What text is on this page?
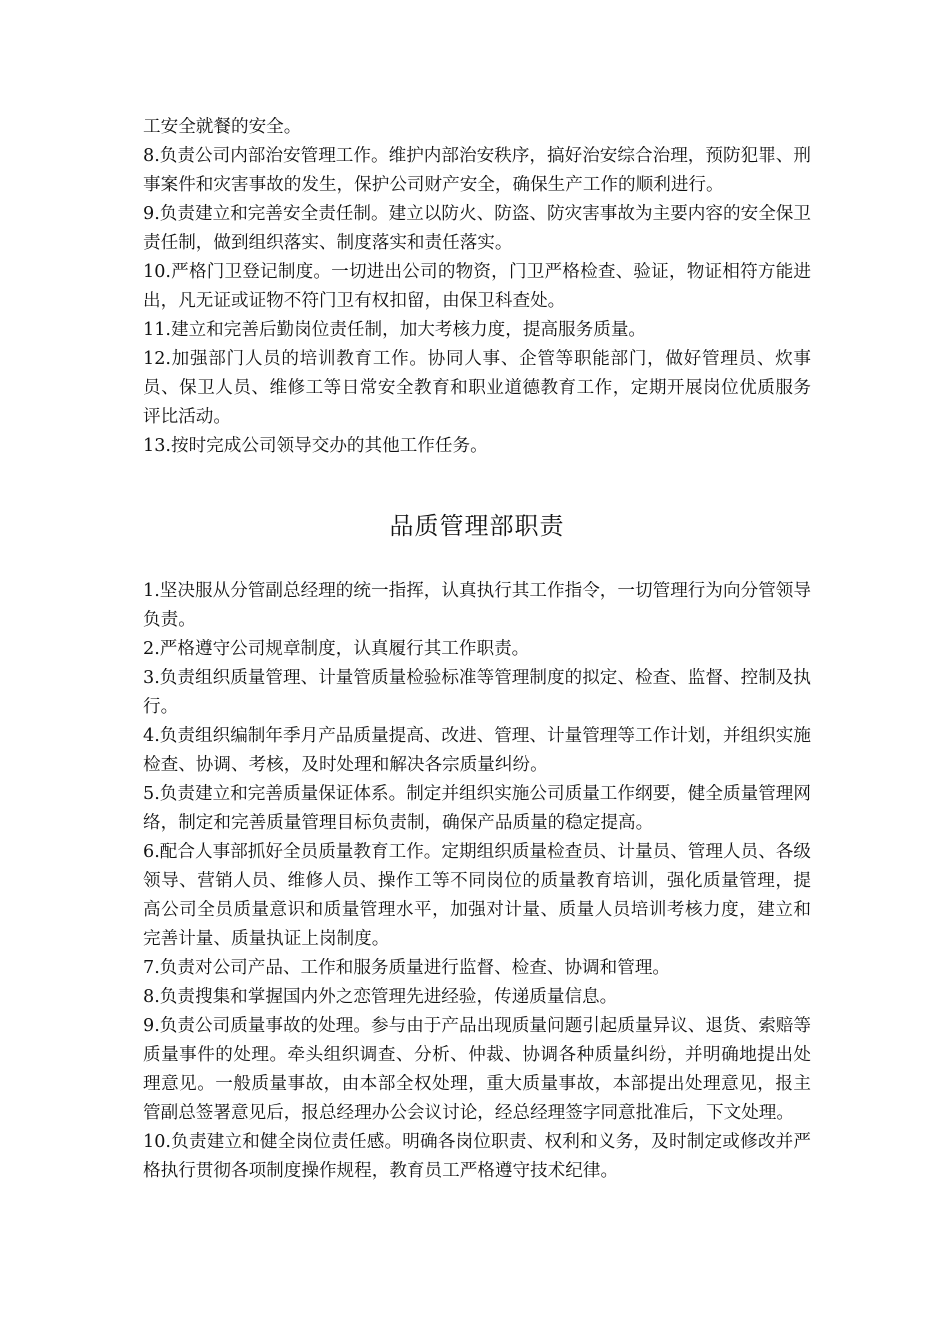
工安全就餐的安全。

8.负责公司内部治安管理工作。维护内部治安秩序，搞好治安综合治理，预防犯罪、刑事案件和灾害事故的发生，保护公司财产安全，确保生产工作的顺利进行。

9.负责建立和完善安全责任制。建立以防火、防盗、防灾害事故为主要内容的安全保卫责任制，做到组织落实、制度落实和责任落实。

10.严格门卫登记制度。一切进出公司的物资，门卫严格检查、验证，物证相符方能进出，凡无证或证物不符门卫有权扣留，由保卫科查处。

11.建立和完善后勤岗位责任制，加大考核力度，提高服务质量。

12.加强部门人员的培训教育工作。协同人事、企管等职能部门，做好管理员、炊事员、保卫人员、维修工等日常安全教育和职业道德教育工作，定期开展岗位优质服务评比活动。

13.按时完成公司领导交办的其他工作任务。

品质管理部职责

1.坚决服从分管副总经理的统一指挥，认真执行其工作指令，一切管理行为向分管领导负责。

2.严格遵守公司规章制度，认真履行其工作职责。

3.负责组织质量管理、计量管质量检验标准等管理制度的拟定、检查、监督、控制及执行。

4.负责组织编制年季月产品质量提高、改进、管理、计量管理等工作计划，并组织实施检查、协调、考核，及时处理和解决各宗质量纠纷。

5.负责建立和完善质量保证体系。制定并组织实施公司质量工作纲要，健全质量管理网络，制定和完善质量管理目标负责制，确保产品质量的稳定提高。

6.配合人事部抓好全员质量教育工作。定期组织质量检查员、计量员、管理人员、各级领导、营销人员、维修人员、操作工等不同岗位的质量教育培训，强化质量管理，提高公司全员质量意识和质量管理水平，加强对计量、质量人员培训考核力度，建立和完善计量、质量执证上岗制度。

7.负责对公司产品、工作和服务质量进行监督、检查、协调和管理。

8.负责搜集和掌握国内外之恋管理先进经验，传递质量信息。

9.负责公司质量事故的处理。参与由于产品出现质量问题引起质量异议、退货、索赔等质量事件的处理。牵头组织调查、分析、仲裁、协调各种质量纠纷，并明确地提出处理意见。一般质量事故，由本部全权处理，重大质量事故，本部提出处理意见，报主管副总签署意见后，报总经理办公会议讨论，经总经理签字同意批准后，下文处理。

10.负责建立和健全岗位责任感。明确各岗位职责、权利和义务，及时制定或修改并严格执行贯彻各项制度操作规程，教育员工严格遵守技术纪律。
